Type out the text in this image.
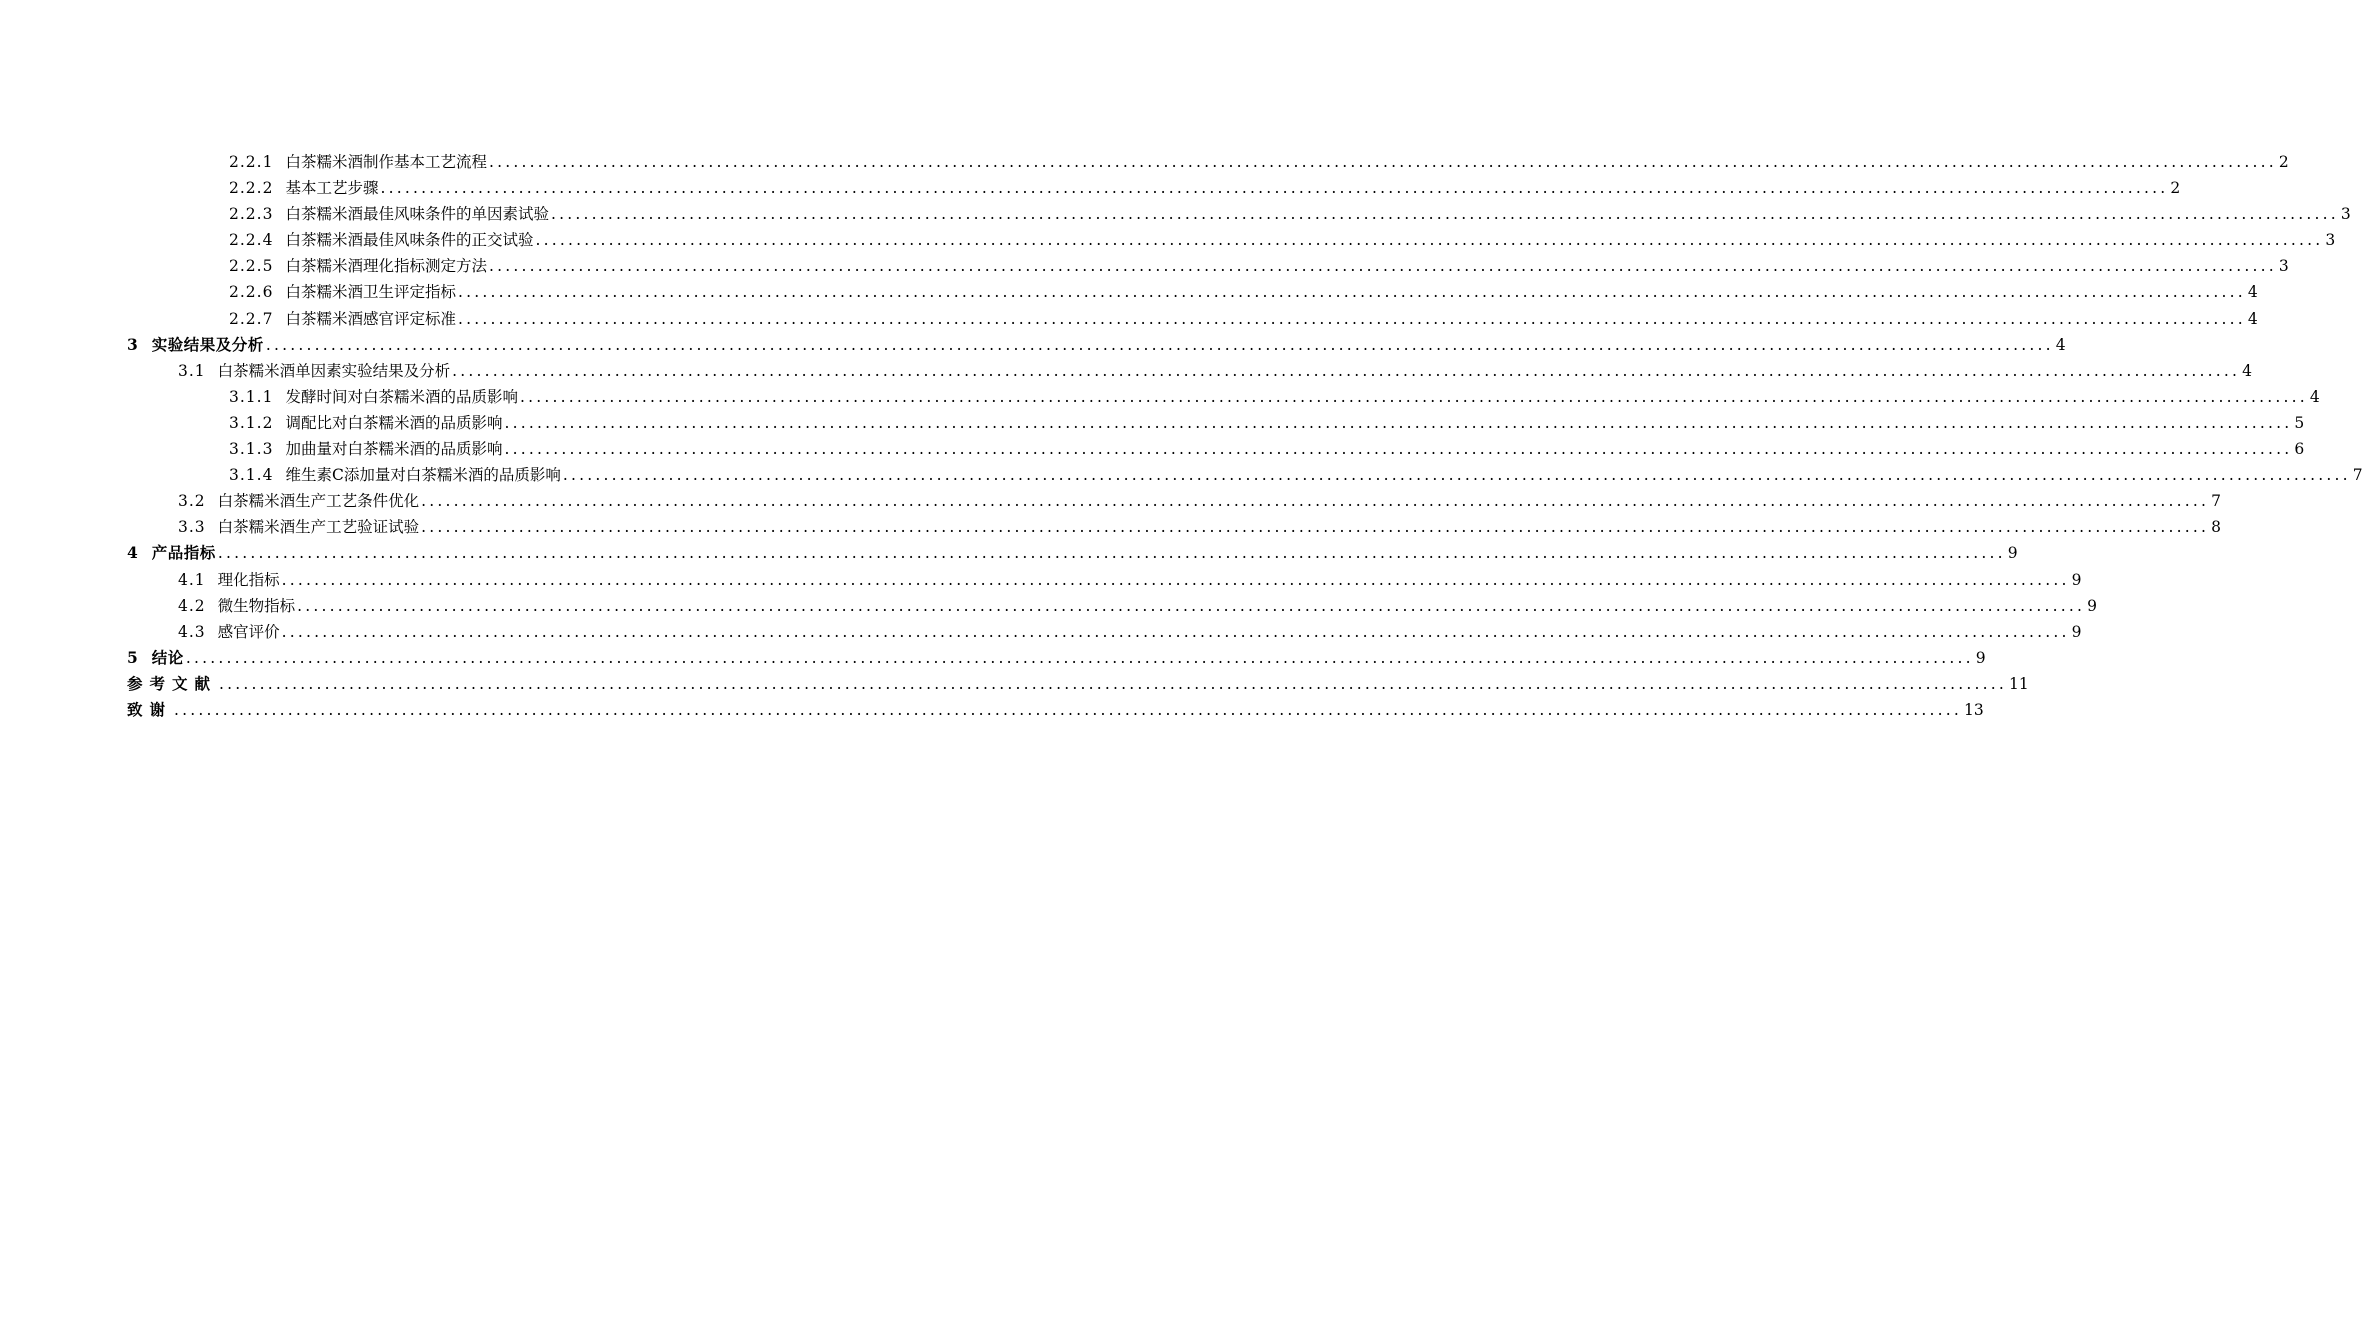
2.2.1 白茶糯米酒制作基本工艺流程 ............................................................................................................................................................................................................................ 2
2.2.2 基本工艺步骤 ............................................................................................................................................................................................................................ 2
2.2.3 白茶糯米酒最佳风味条件的单因素试验 ............................................................................................................................................................................................................................ 3
2.2.4 白茶糯米酒最佳风味条件的正交试验 ............................................................................................................................................................................................................................ 3
2.2.5 白茶糯米酒理化指标测定方法 ............................................................................................................................................................................................................................ 3
2.2.6 白茶糯米酒卫生评定指标 ............................................................................................................................................................................................................................ 4
2.2.7 白茶糯米酒感官评定标准 ............................................................................................................................................................................................................................ 4
3 实验结果及分析 ............................................................................................................................................................................................................................ 4
3.1 白茶糯米酒单因素实验结果及分析 ............................................................................................................................................................................................................................ 4
3.1.1 发酵时间对白茶糯米酒的品质影响 ............................................................................................................................................................................................................................ 4
3.1.2 调配比对白茶糯米酒的品质影响 ............................................................................................................................................................................................................................ 5
3.1.3 加曲量对白茶糯米酒的品质影响 ............................................................................................................................................................................................................................ 6
3.1.4 维生素C添加量对白茶糯米酒的品质影响 ............................................................................................................................................................................................................................ 7
3.2 白茶糯米酒生产工艺条件优化 ............................................................................................................................................................................................................................ 7
3.3 白茶糯米酒生产工艺验证试验 ............................................................................................................................................................................................................................ 8
4 产品指标 ............................................................................................................................................................................................................................ 9
4.1 理化指标 ............................................................................................................................................................................................................................ 9
4.2 微生物指标 ............................................................................................................................................................................................................................ 9
4.3 感官评价 ............................................................................................................................................................................................................................ 9
5 结论 ............................................................................................................................................................................................................................ 9
参考文献 ............................................................................................................................................................................................................................ 11
致谢 ............................................................................................................................................................................................................................ 13
